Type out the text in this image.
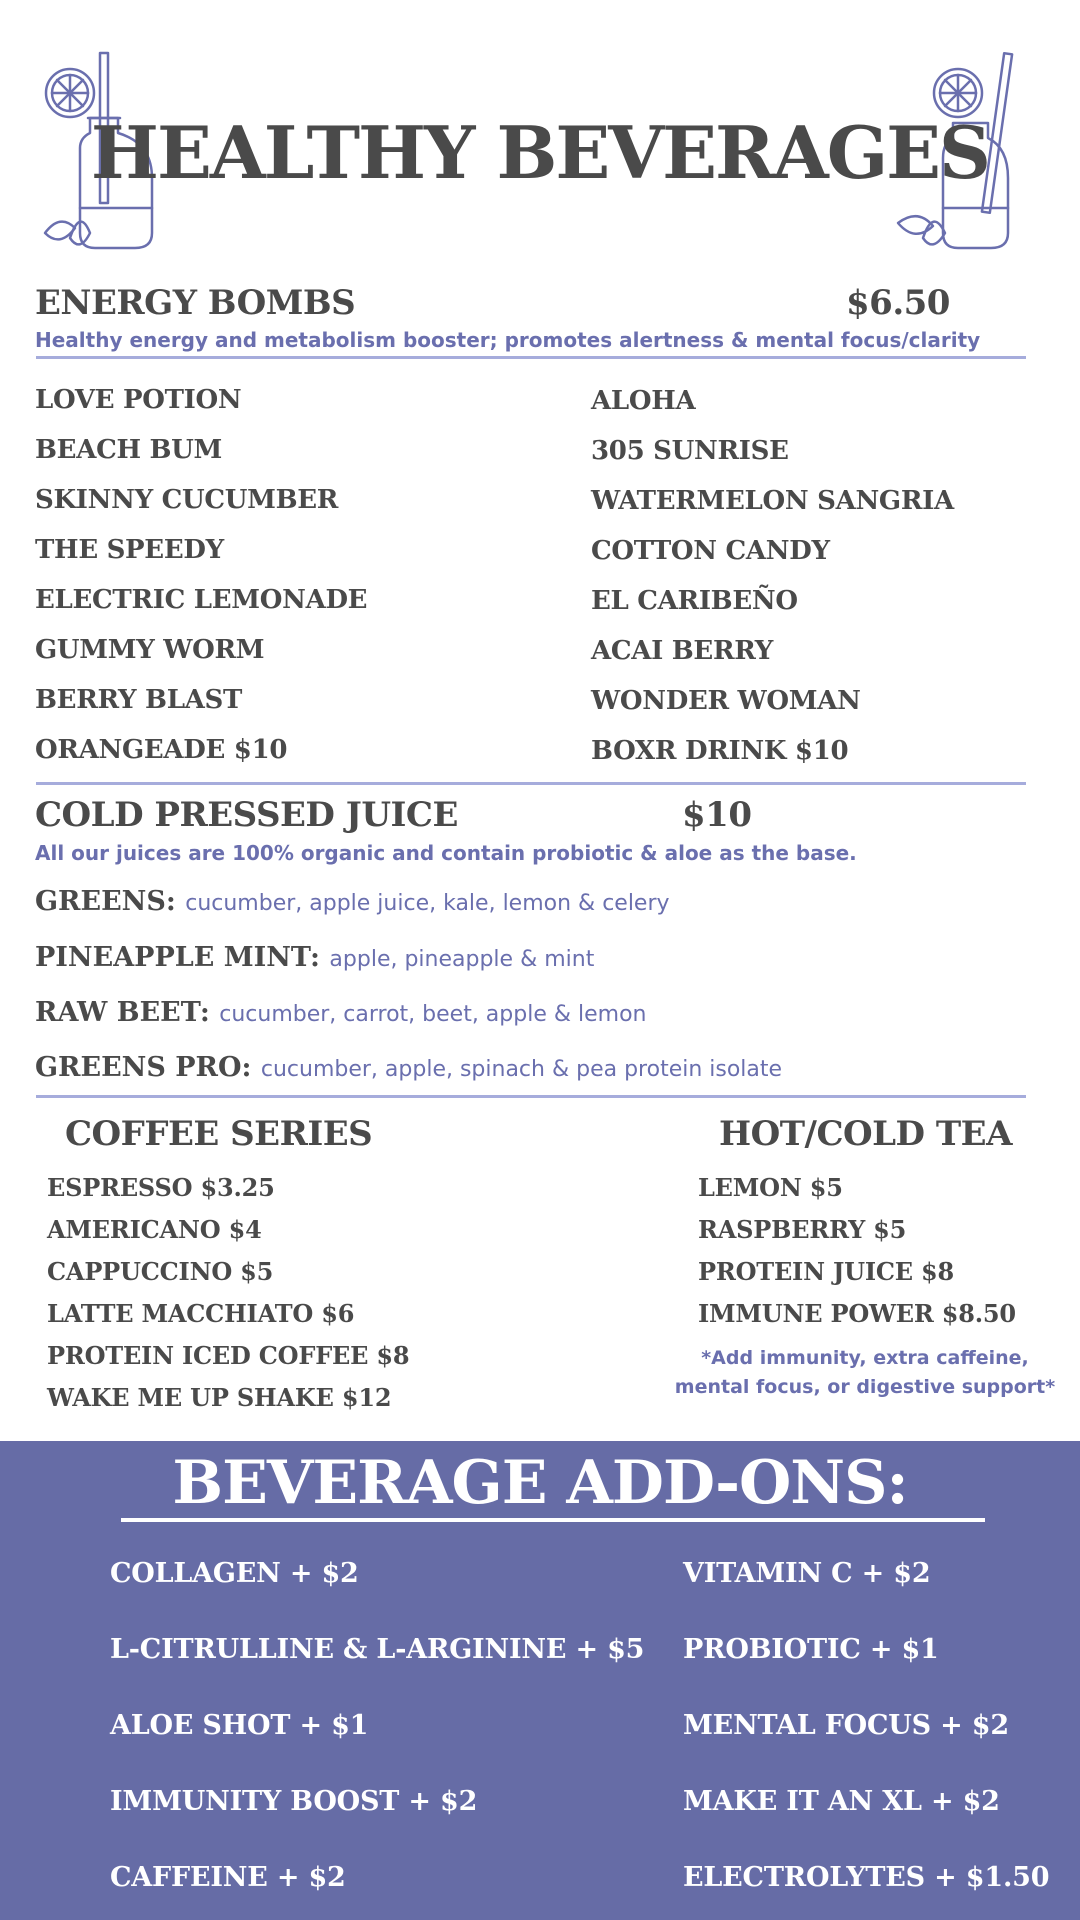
HEALTHY BEVERAGES
ENERGY BOMBS	$6.50
Healthy energy and metabolism booster; promotes alertness & mental focus/clarity
LOVE POTION
BEACH BUM
SKINNY CUCUMBER
THE SPEEDY
ELECTRIC LEMONADE
GUMMY WORM
BERRY BLAST
ORANGEADE $10
ALOHA
305 SUNRISE
WATERMELON SANGRIA
COTTON CANDY
EL CARIBEÑO
ACAI BERRY
WONDER WOMAN
BOXR DRINK $10
COLD PRESSED JUICE	$10
All our juices are 100% organic and contain probiotic & aloe as the base.
GREENS: cucumber, apple juice, kale, lemon & celery
PINEAPPLE MINT: apple, pineapple & mint
RAW BEET: cucumber, carrot, beet, apple & lemon
GREENS PRO: cucumber, apple, spinach & pea protein isolate
COFFEE SERIES
ESPRESSO $3.25
AMERICANO $4
CAPPUCCINO $5
LATTE MACCHIATO $6
PROTEIN ICED COFFEE $8
WAKE ME UP SHAKE $12
HOT/COLD TEA
LEMON $5
RASPBERRY $5
PROTEIN JUICE $8
IMMUNE POWER $8.50
*Add immunity, extra caffeine,
mental focus, or digestive support*
BEVERAGE ADD-ONS:
COLLAGEN + $2
L-CITRULLINE & L-ARGININE + $5
ALOE SHOT + $1
IMMUNITY BOOST + $2
CAFFEINE + $2
VITAMIN C + $2
PROBIOTIC + $1
MENTAL FOCUS + $2
MAKE IT AN XL + $2
ELECTROLYTES + $1.50
